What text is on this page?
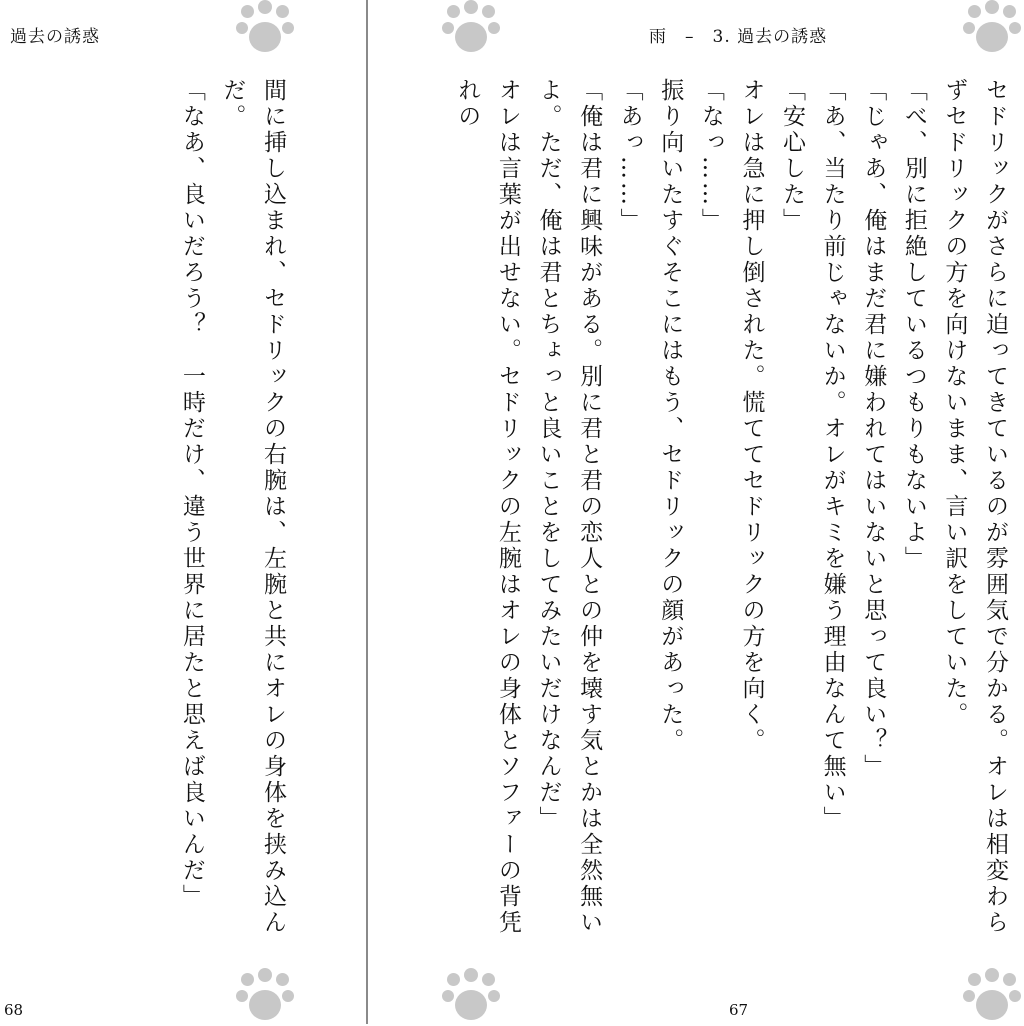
過去の誘惑

間に挿し込まれ、セドリックの右腕は、左腕と共にオレの身体を挟み込んだ。

「なあ、良いだろう？　一時だけ、違う世界に居たと思えば良いんだ」

68
雨　–　3. 過去の誘惑

セドリックがさらに迫ってきているのが雰囲気で分かる。オレは相変わらずセドリックの方を向けないまま、言い訳をしていた。

「べ、別に拒絶しているつもりもないよ」

「じゃあ、俺はまだ君に嫌われてはいないと思って良い？」

「あ、当たり前じゃないか。オレがキミを嫌う理由なんて無い」

「安心した」

オレは急に押し倒された。慌ててセドリックの方を向く。

「なっ……」

振り向いたすぐそこにはもう、セドリックの顔があった。

「あっ……」

「俺は君に興味がある。別に君と君の恋人との仲を壊す気とかは全然無いよ。ただ、俺は君とちょっと良いことをしてみたいだけなんだ」

オレは言葉が出せない。セドリックの左腕はオレの身体とソファーの背凭れの

67
